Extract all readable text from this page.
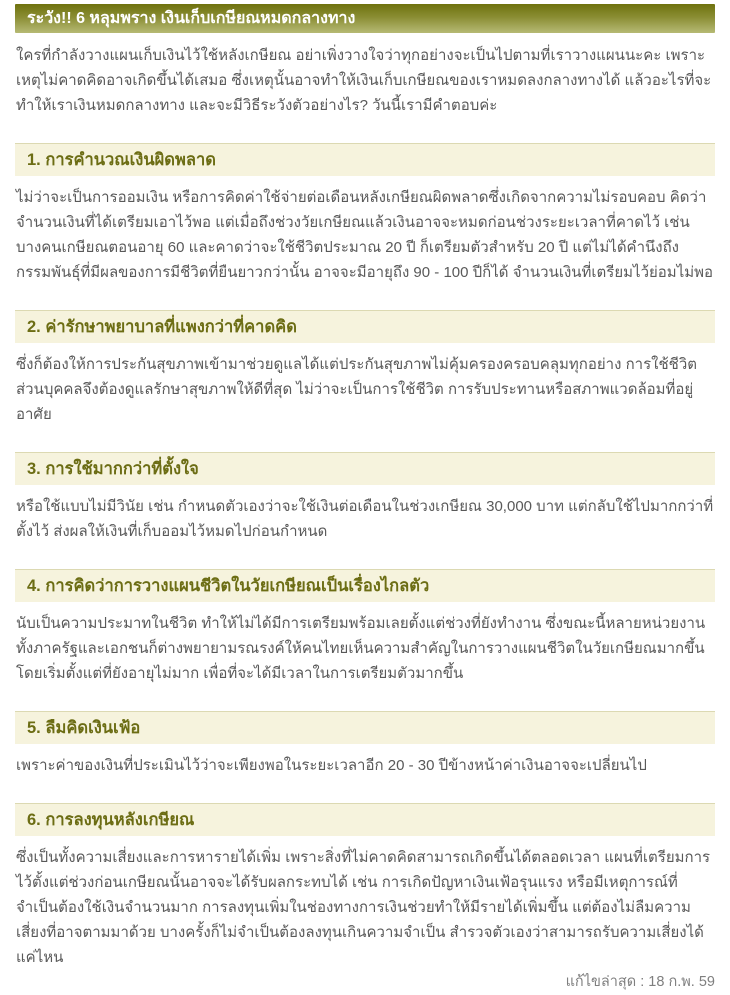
ระวัง!! 6 หลุมพราง เงินเก็บเกษียณหมดกลางทาง
ใครที่กำลังวางแผนเก็บเงินไว้ใช้หลังเกษียณ อย่าเพิ่งวางใจว่าทุกอย่างจะเป็นไปตามที่เราวางแผนนะคะ เพราะเหตุไม่คาดคิดอาจเกิดขึ้นได้เสมอ ซึ่งเหตุนั้นอาจทำให้เงินเก็บเกษียณของเราหมดลงกลางทางได้ แล้วอะไรที่จะทำให้เราเงินหมดกลางทาง และจะมีวิธีระวังตัวอย่างไร? วันนี้เรามีคำตอบค่ะ
1. การคำนวณเงินผิดพลาด
ไม่ว่าจะเป็นการออมเงิน หรือการคิดค่าใช้จ่ายต่อเดือนหลังเกษียณผิดพลาดซึ่งเกิดจากความไม่รอบคอบ คิดว่าจำนวนเงินที่ได้เตรียมเอาไว้พอ แต่เมื่อถึงช่วงวัยเกษียณแล้วเงินอาจจะหมดก่อนช่วงระยะเวลาที่คาดไว้ เช่น บางคนเกษียณตอนอายุ 60 และคาดว่าจะใช้ชีวิตประมาณ 20 ปี ก็เตรียมตัวสำหรับ 20 ปี แต่ไม่ได้คำนึงถึงกรรมพันธุ์ที่มีผลของการมีชีวิตที่ยืนยาวกว่านั้น อาจจะมีอายุถึง 90 - 100 ปีก็ได้ จำนวนเงินที่เตรียมไว้ย่อมไม่พอ
2. ค่ารักษาพยาบาลที่แพงกว่าที่คาดคิด
ซึ่งก็ต้องให้การประกันสุขภาพเข้ามาช่วยดูแลได้แต่ประกันสุขภาพไม่คุ้มครองครอบคลุมทุกอย่าง การใช้ชีวิตส่วนบุคคลจึงต้องดูแลรักษาสุขภาพให้ดีที่สุด ไม่ว่าจะเป็นการใช้ชีวิต การรับประทานหรือสภาพแวดล้อมที่อยู่อาศัย
3. การใช้มากกว่าที่ตั้งใจ
หรือใช้แบบไม่มีวินัย เช่น กำหนดตัวเองว่าจะใช้เงินต่อเดือนในช่วงเกษียณ 30,000 บาท แต่กลับใช้ไปมากกว่าที่ตั้งไว้ ส่งผลให้เงินที่เก็บออมไว้หมดไปก่อนกำหนด
4. การคิดว่าการวางแผนชีวิตในวัยเกษียณเป็นเรื่องไกลตัว
นับเป็นความประมาทในชีวิต ทำให้ไม่ได้มีการเตรียมพร้อมเลยตั้งแต่ช่วงที่ยังทำงาน ซึ่งขณะนี้หลายหน่วยงานทั้งภาครัฐและเอกชนก็ต่างพยายามรณรงค์ให้คนไทยเห็นความสำคัญในการวางแผนชีวิตในวัยเกษียณมากขึ้น โดยเริ่มตั้งแต่ที่ยังอายุไม่มาก เพื่อที่จะได้มีเวลาในการเตรียมตัวมากขึ้น
5. ลืมคิดเงินเฟ้อ
เพราะค่าของเงินที่ประเมินไว้ว่าจะเพียงพอในระยะเวลาอีก 20 - 30 ปีข้างหน้าค่าเงินอาจจะเปลี่ยนไป
6. การลงทุนหลังเกษียณ
ซึ่งเป็นทั้งความเสี่ยงและการหารายได้เพิ่ม เพราะสิ่งที่ไม่คาดคิดสามารถเกิดขึ้นได้ตลอดเวลา แผนที่เตรียมการไว้ตั้งแต่ช่วงก่อนเกษียณนั้นอาจจะได้รับผลกระทบได้ เช่น การเกิดปัญหาเงินเฟ้อรุนแรง หรือมีเหตุการณ์ที่จำเป็นต้องใช้เงินจำนวนมาก การลงทุนเพิ่มในช่องทางการเงินช่วยทำให้มีรายได้เพิ่มขึ้น แต่ต้องไม่ลืมความเสี่ยงที่อาจตามมาด้วย บางครั้งก็ไม่จำเป็นต้องลงทุนเกินความจำเป็น สำรวจตัวเองว่าสามารถรับความเสี่ยงได้แค่ไหน
แก้ไขล่าสุด : 18 ก.พ. 59
